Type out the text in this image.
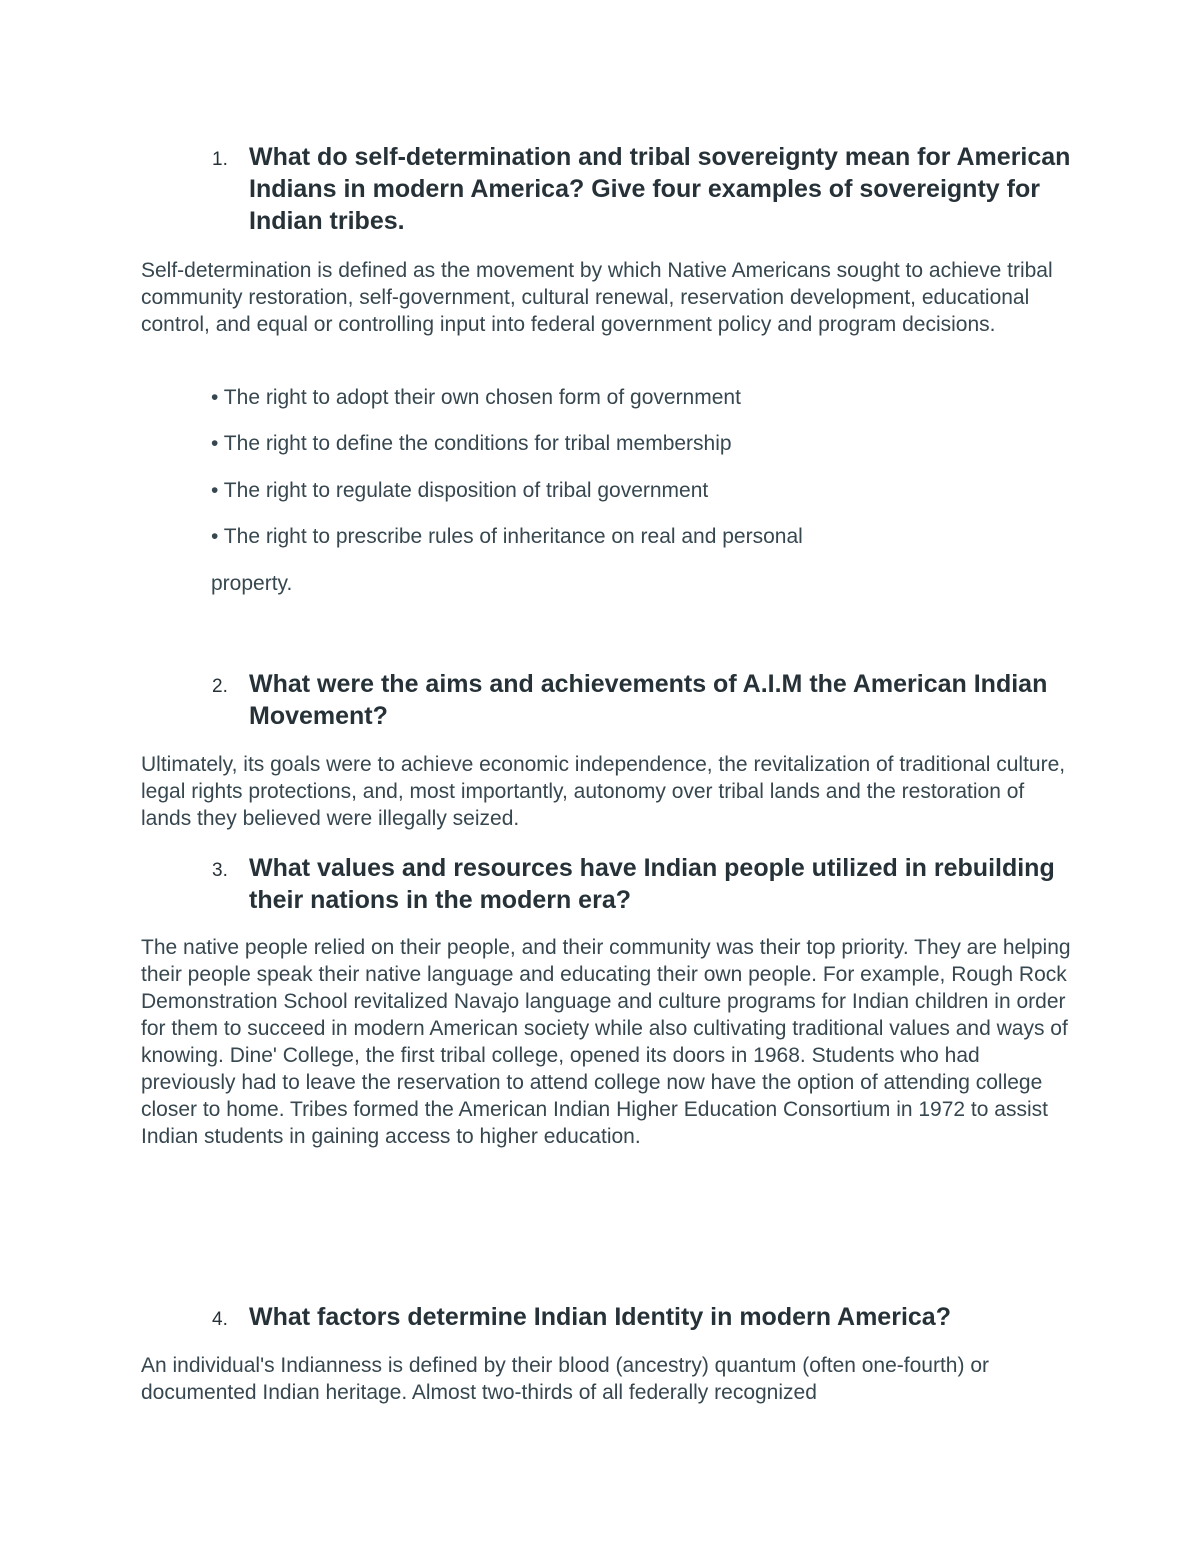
1. What do self-determination and tribal sovereignty mean for American Indians in modern America? Give four examples of sovereignty for Indian tribes.
Self-determination is defined as the movement by which Native Americans sought to achieve tribal community restoration, self-government, cultural renewal, reservation development, educational control, and equal or controlling input into federal government policy and program decisions.
• The right to adopt their own chosen form of government
• The right to define the conditions for tribal membership
• The right to regulate disposition of tribal government
• The right to prescribe rules of inheritance on real and personal
property.
2. What were the aims and achievements of A.I.M the American Indian Movement?
Ultimately, its goals were to achieve economic independence, the revitalization of traditional culture, legal rights protections, and, most importantly, autonomy over tribal lands and the restoration of lands they believed were illegally seized.
3. What values and resources have Indian people utilized in rebuilding their nations in the modern era?
The native people relied on their people, and their community was their top priority. They are helping their people speak their native language and educating their own people. For example, Rough Rock Demonstration School revitalized Navajo language and culture programs for Indian children in order for them to succeed in modern American society while also cultivating traditional values and ways of knowing. Dine' College, the first tribal college, opened its doors in 1968. Students who had previously had to leave the reservation to attend college now have the option of attending college closer to home. Tribes formed the American Indian Higher Education Consortium in 1972 to assist Indian students in gaining access to higher education.
4. What factors determine Indian Identity in modern America?
An individual's Indianness is defined by their blood (ancestry) quantum (often one-fourth) or documented Indian heritage. Almost two-thirds of all federally recognized
